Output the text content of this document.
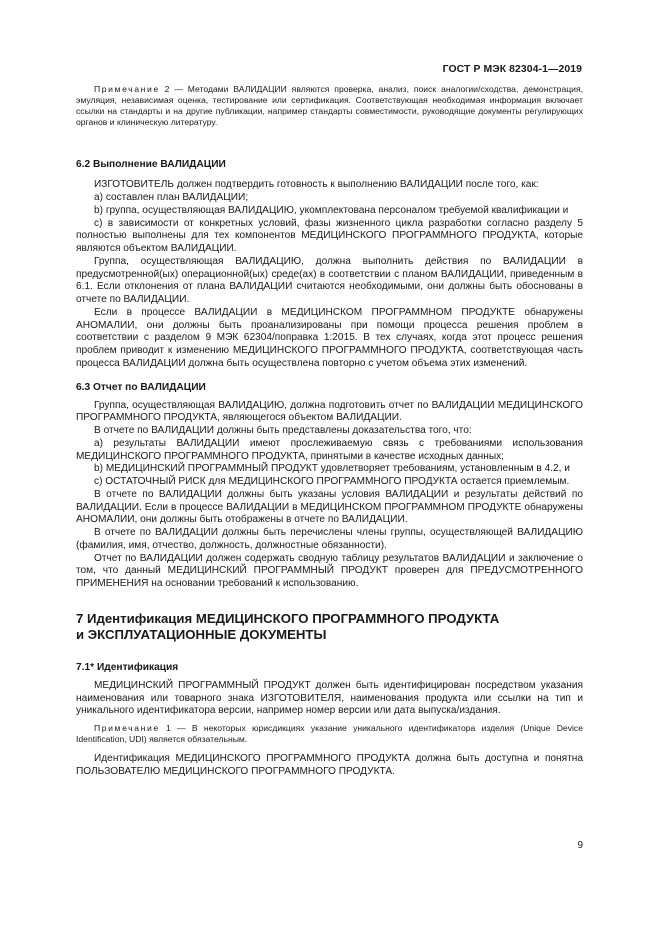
ГОСТ Р МЭК 82304-1—2019

Примечание 2 — Методами ВАЛИДАЦИИ являются проверка, анализ, поиск аналогии/сходства, демонстрация, эмуляция, независимая оценка, тестирование или сертификация. Соответствующая необходимая информация включает ссылки на стандарты и на другие публикации, например стандарты совместимости, руководящие документы регулирующих органов и клиническую литературу.

6.2 Выполнение ВАЛИДАЦИИ

ИЗГОТОВИТЕЛЬ должен подтвердить готовность к выполнению ВАЛИДАЦИИ после того, как:

a) составлен план ВАЛИДАЦИИ;

b) группа, осуществляющая ВАЛИДАЦИЮ, укомплектована персоналом требуемой квалификации и

c) в зависимости от конкретных условий, фазы жизненного цикла разработки согласно разделу 5 полностью выполнены для тех компонентов МЕДИЦИНСКОГО ПРОГРАММНОГО ПРОДУКТА, которые являются объектом ВАЛИДАЦИИ.

Группа, осуществляющая ВАЛИДАЦИЮ, должна выполнить действия по ВАЛИДАЦИИ в предусмотренной(ых) операционной(ых) среде(ах) в соответствии с планом ВАЛИДАЦИИ, приведенным в 6.1. Если отклонения от плана ВАЛИДАЦИИ считаются необходимыми, они должны быть обоснованы в отчете по ВАЛИДАЦИИ.

Если в процессе ВАЛИДАЦИИ в МЕДИЦИНСКОМ ПРОГРАММНОМ ПРОДУКТЕ обнаружены АНОМАЛИИ, они должны быть проанализированы при помощи процесса решения проблем в соответствии с разделом 9 МЭК 62304/поправка 1:2015. В тех случаях, когда этот процесс решения проблем приводит к изменению МЕДИЦИНСКОГО ПРОГРАММНОГО ПРОДУКТА, соответствующая часть процесса ВАЛИДАЦИИ должна быть осуществлена повторно с учетом объема этих изменений.

6.3 Отчет по ВАЛИДАЦИИ

Группа, осуществляющая ВАЛИДАЦИЮ, должна подготовить отчет по ВАЛИДАЦИИ МЕДИЦИНСКОГО ПРОГРАММНОГО ПРОДУКТА, являющегося объектом ВАЛИДАЦИИ.

В отчете по ВАЛИДАЦИИ должны быть представлены доказательства того, что:

a) результаты ВАЛИДАЦИИ имеют прослеживаемую связь с требованиями использования МЕДИЦИНСКОГО ПРОГРАММНОГО ПРОДУКТА, принятыми в качестве исходных данных;

b) МЕДИЦИНСКИЙ ПРОГРАММНЫЙ ПРОДУКТ удовлетворяет требованиям, установленным в 4.2, и

c) ОСТАТОЧНЫЙ РИСК для МЕДИЦИНСКОГО ПРОГРАММНОГО ПРОДУКТА остается приемлемым.

В отчете по ВАЛИДАЦИИ должны быть указаны условия ВАЛИДАЦИИ и результаты действий по ВАЛИДАЦИИ. Если в процессе ВАЛИДАЦИИ в МЕДИЦИНСКОМ ПРОГРАММНОМ ПРОДУКТЕ обнаружены АНОМАЛИИ, они должны быть отображены в отчете по ВАЛИДАЦИИ.

В отчете по ВАЛИДАЦИИ должны быть перечислены члены группы, осуществляющей ВАЛИДАЦИЮ (фамилия, имя, отчество, должность, должностные обязанности).

Отчет по ВАЛИДАЦИИ должен содержать сводную таблицу результатов ВАЛИДАЦИИ и заключение о том, что данный МЕДИЦИНСКИЙ ПРОГРАММНЫЙ ПРОДУКТ проверен для ПРЕДУСМОТРЕННОГО ПРИМЕНЕНИЯ на основании требований к использованию.

7 Идентификация МЕДИЦИНСКОГО ПРОГРАММНОГО ПРОДУКТА
и ЭКСПЛУАТАЦИОННЫЕ ДОКУМЕНТЫ
7.1* Идентификация

МЕДИЦИНСКИЙ ПРОГРАММНЫЙ ПРОДУКТ должен быть идентифицирован посредством указания наименования или товарного знака ИЗГОТОВИТЕЛЯ, наименования продукта или ссылки на тип и уникального идентификатора версии, например номер версии или дата выпуска/издания.

Примечание 1 — В некоторых юрисдикциях указание уникального идентификатора изделия (Unique Device Identification, UDI) является обязательным.

Идентификация МЕДИЦИНСКОГО ПРОГРАММНОГО ПРОДУКТА должна быть доступна и понятна ПОЛЬЗОВАТЕЛЮ МЕДИЦИНСКОГО ПРОГРАММНОГО ПРОДУКТА.

9
